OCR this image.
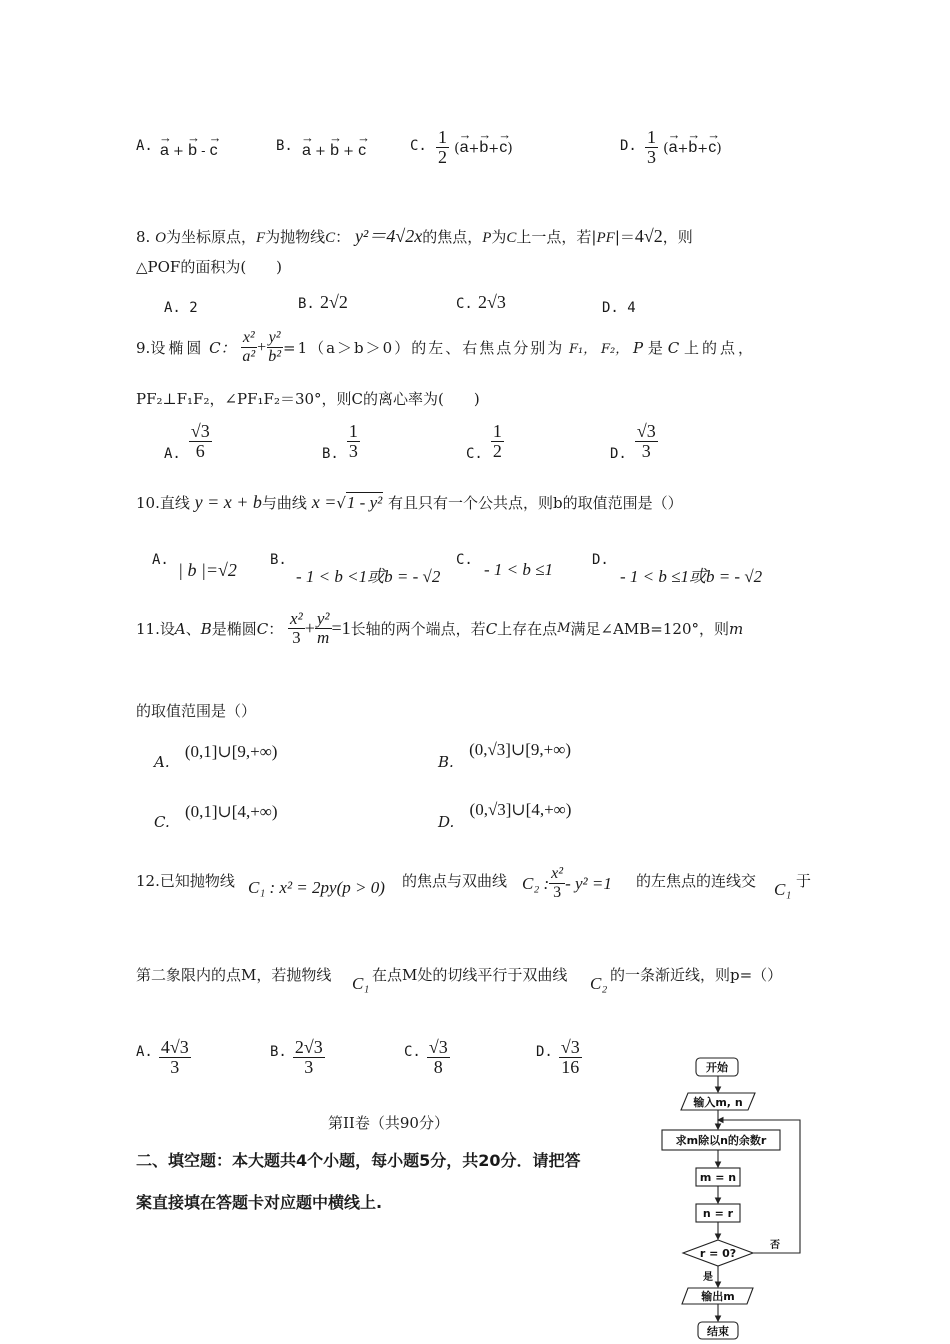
A. → a + → b - → c	B. → a + → b + → c	C. $\frac{1}{2}$ (→ a+→ b+→ c)	D. $\frac{1}{3}$ (→ a+→ b+→ c)
8. O为坐标原点，F为抛物线C： y²＝4√2x的焦点，P为C上一点，若|PF|＝4√2，则
△POF的面积为(　　)
A. 2	B. 2√2	C. 2√3	D. 4
9. 设椭圆
C：
$\frac{\text{x²}}{\text{a²}} + \frac{\text{y²}}{\text{b²}} =1(a>b>0)$的左、右焦点分别为
F₁，
F₂，
P
是
C
上的点，
PF₂⊥F₁F₂，∠PF₁F₂＝30°，则C的离心率为(　　)
A. $\frac{√3}{6}$	B. $\frac{1}{3}$	C. $\frac{1}{2}$	D. $\frac{√3}{3}$
10.直线
y = x + b 与曲线
x = √ 1 - y²
有且只有一个公共点，则b的取值范围是（）
A. | b |=√2 B.
- 1 < b <1或b = - √2
C. - 1 < b ≤1	D.
- 1 < b ≤1或b = - √2
11.设 A 、 B 是椭圆 C ：
$\frac{\text{x²}}{3} + \frac{\text{y²}}{m} =1$ 长轴的两个端点，若 C 上存在点 M 满足∠AMB=120°，则 m
的取值范围是（）
A.   (0,1]∪[9,+∞)
B.   (0,√3]∪[9,+∞)
C.   (0,1]∪[4,+∞)
D.   (0,√3]∪[4,+∞)
12.已知抛物线 C₁ : x² = 2py(p > 0) 的焦点与双曲线 C₂ : $\frac{\text{x²}}{3} - y^2 =1$ 的左焦点的连线交 C₁ 于
第二象限内的点M，若抛物线 C₁ 在点M处的切线平行于双曲线 C₂ 的一条渐近线，则p=（）
A. $\frac{4√3}{3}$	B. $\frac{2√3}{3}$	C. $\frac{√3}{8}$	D. $\frac{√3}{16}$
第II卷（共90分）
二、填空题：本大题共4个小题，每小题5分，共20分．请把答
案直接填在答题卡对应题中横线上.
开始
输入m, n
求m除以n的余数r
m = n
n = r
r = 0?
否
是
输出m
结束
